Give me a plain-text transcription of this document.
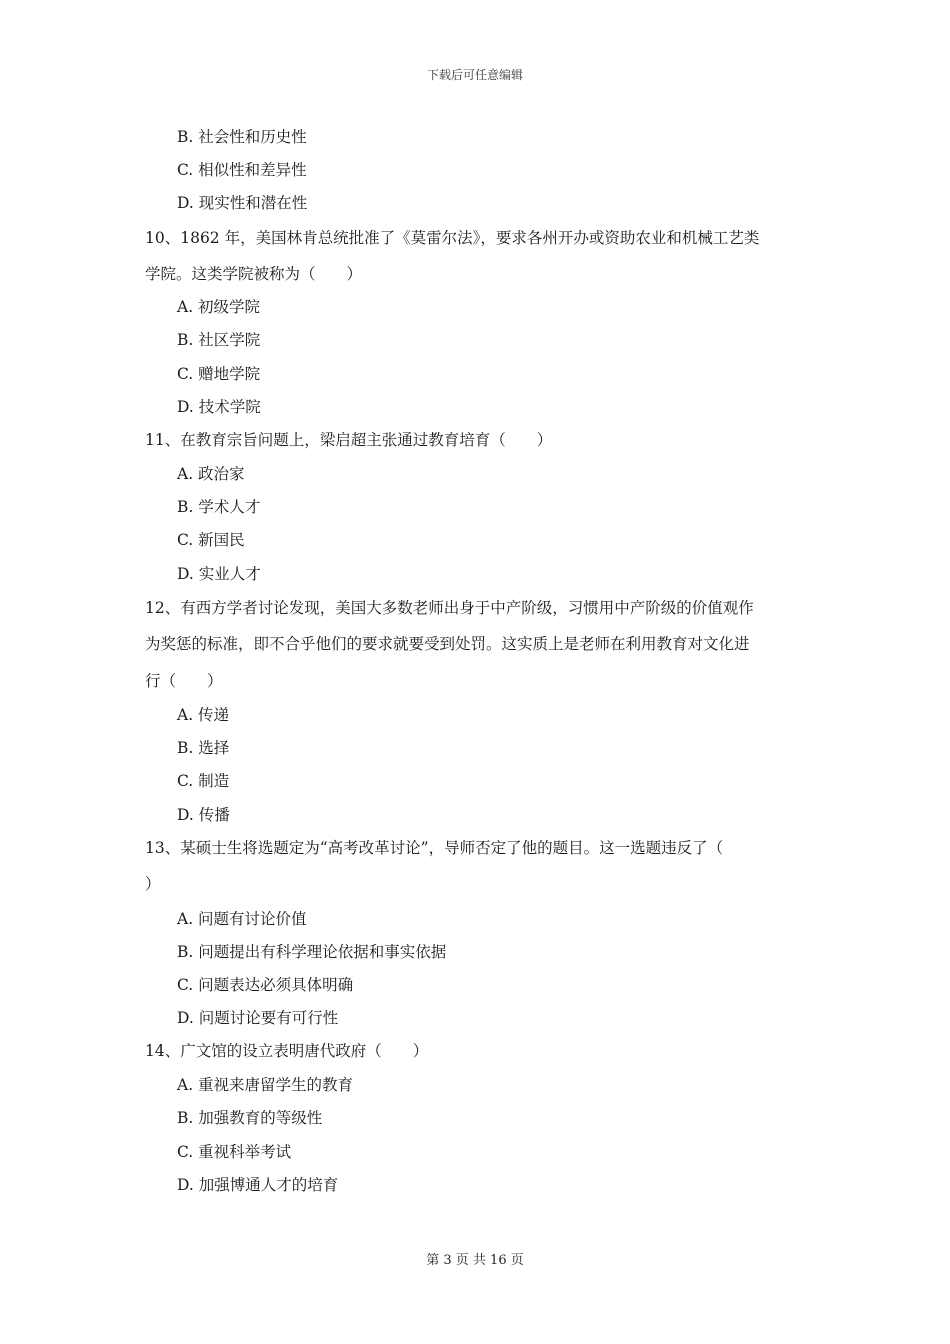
下载后可任意编辑
B. 社会性和历史性
C. 相似性和差异性
D. 现实性和潜在性
10、1862 年，美国林肯总统批准了《莫雷尔法》，要求各州开办或资助农业和机械工艺类
学院。这类学院被称为（　　）
A. 初级学院
B. 社区学院
C. 赠地学院
D. 技术学院
11、在教育宗旨问题上，梁启超主张通过教育培育（　　）
A. 政治家
B. 学术人才
C. 新国民
D. 实业人才
12、有西方学者讨论发现，美国大多数老师出身于中产阶级，习惯用中产阶级的价值观作
为奖惩的标准，即不合乎他们的要求就要受到处罚。这实质上是老师在利用教育对文化进
行（　　）
A. 传递
B. 选择
C. 制造
D. 传播
13、某硕士生将选题定为“高考改革讨论”，导师否定了他的题目。这一选题违反了（
）
A. 问题有讨论价值
B. 问题提出有科学理论依据和事实依据
C. 问题表达必须具体明确
D. 问题讨论要有可行性
14、广文馆的设立表明唐代政府（　　）
A. 重视来唐留学生的教育
B. 加强教育的等级性
C. 重视科举考试
D. 加强博通人才的培育
第 3 页 共 16 页
